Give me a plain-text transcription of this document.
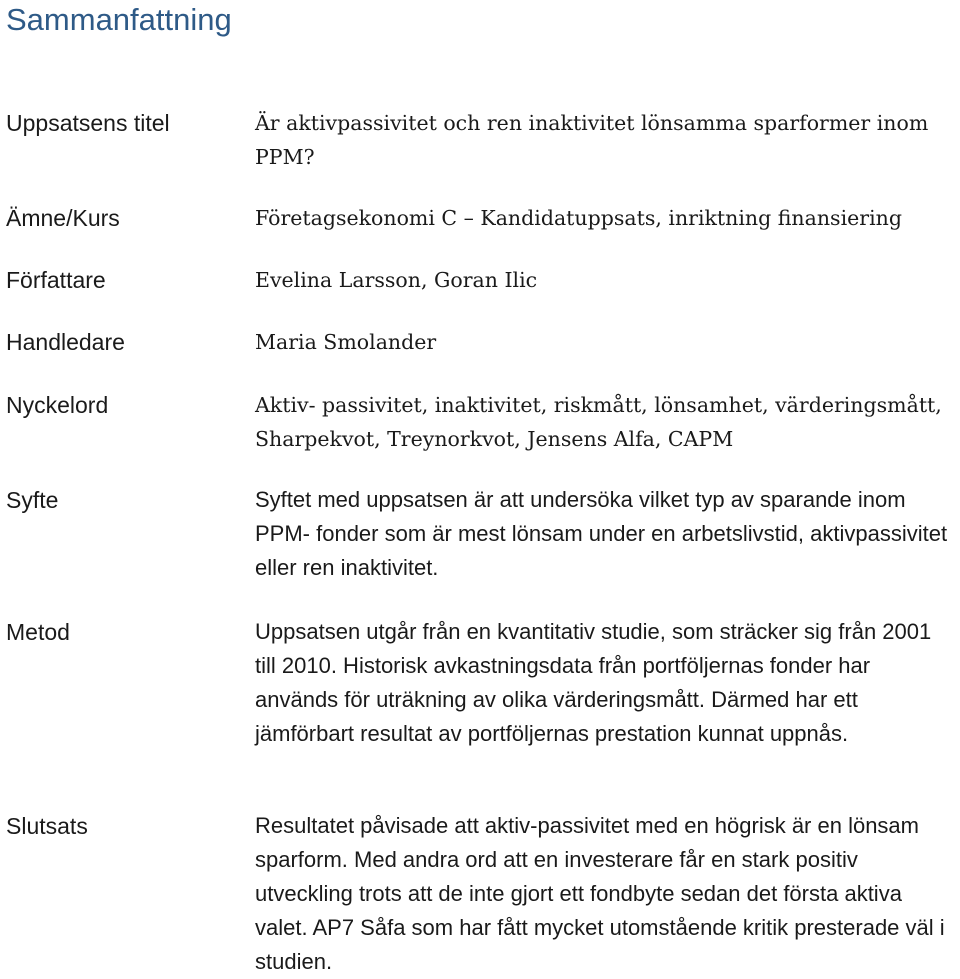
Sammanfattning
Uppsatsens titel	Är aktivpassivitet och ren inaktivitet lönsamma sparformer inom PPM?
Ämne/Kurs	Företagsekonomi C – Kandidatuppsats, inriktning finansiering
Författare	Evelina Larsson, Goran Ilic
Handledare	Maria Smolander
Nyckelord	Aktiv- passivitet, inaktivitet, riskmått, lönsamhet, värderingsmått, Sharpekvot, Treynorkvot, Jensens Alfa, CAPM
Syfte	Syftet med uppsatsen är att undersöka vilket typ av sparande inom PPM- fonder som är mest lönsam under en arbetslivstid, aktivpassivitet eller ren inaktivitet.
Metod	Uppsatsen utgår från en kvantitativ studie, som sträcker sig från 2001 till 2010. Historisk avkastningsdata från portföljernas fonder har används för uträkning av olika värderingsmått. Därmed har ett jämförbart resultat av portföljernas prestation kunnat uppnås.
Slutsats	Resultatet påvisade att aktiv-passivitet med en högrisk är en lönsam sparform. Med andra ord att en investerare får en stark positiv utveckling trots att de inte gjort ett fondbyte sedan det första aktiva valet. AP7 Såfa som har fått mycket utomstående kritik presterade väl i studien.
